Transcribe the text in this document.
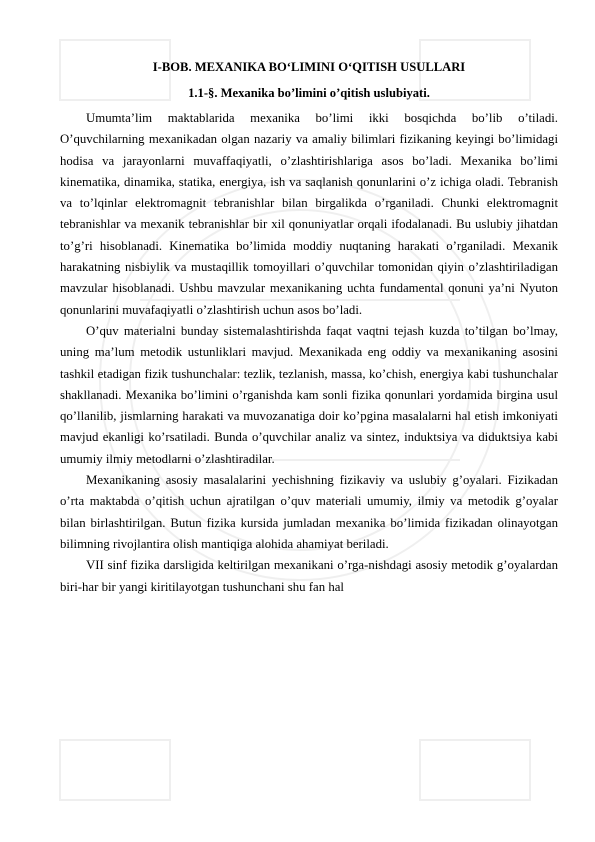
I-BOB. MEXANIKA BO‘LIMINI O‘QITISH USULLARI
1.1-§. Mexanika bo’limini o’qitish uslubiyati.

Umumta’lim maktablarida mexanika bo’limi ikki bosqichda bo’lib o’tiladi. O’quvchilarning mexanikadan olgan nazariy va amaliy bilimlari fizikaning keyingi bo’limidagi hodisa va jarayonlarni muvaffaqiyatli, o’zlashtirishlariga asos bo’ladi. Mexanika bo’limi kinematika, dinamika, statika, energiya, ish va saqlanish qonunlarini o’z ichiga oladi. Tebranish va to’lqinlar elektromagnit tebranishlar bilan birgalikda o’rganiladi. Chunki elektromagnit tebranishlar va mexanik tebranishlar bir xil qonuniyatlar orqali ifodalanadi. Bu uslubiy jihatdan to’g’ri hisoblanadi. Kinematika bo’limida moddiy nuqtaning harakati o’rganiladi. Mexanik harakatning nisbiylik va mustaqillik tomoyillari o’quvchilar tomonidan qiyin o’zlashtiriladigan mavzular hisoblanadi. Ushbu mavzular mexanikaning uchta fundamental qonuni ya’ni Nyuton qonunlarini muvafaqiyatli o’zlashtirish uchun asos bo’ladi.

O’quv materialni bunday sistemalashtirishda faqat vaqtni tejash kuzda to’tilgan bo’lmay, uning ma’lum metodik ustunliklari mavjud. Mexanikada eng oddiy va mexanikaning asosini tashkil etadigan fizik tushunchalar: tezlik, tezlanish, massa, ko’chish, energiya kabi tushunchalar shakllanadi. Mexanika bo’limini o’rganishda kam sonli fizika qonunlari yordamida birgina usul qo’llanilib, jismlarning harakati va muvozanatiga doir ko’pgina masalalarni hal etish imkoniyati mavjud ekanligi ko’rsatiladi. Bunda o’quvchilar analiz va sintez, induktsiya va diduktsiya kabi umumiy ilmiy metodlarni o’zlashtiradilar.

Mexanikaning asosiy masalalarini yechishning fizikaviy va uslubiy g’oyalari. Fizikadan o’rta maktabda o’qitish uchun ajratilgan o’quv materiali umumiy, ilmiy va metodik g’oyalar bilan birlashtirilgan. Butun fizika kursida jumladan mexanika bo’limida fizikadan olinayotgan bilimning rivojlantira olish mantiqiga alohida ahamiyat beriladi.

VII sinf fizika darsligida keltirilgan mexanikani o’rga-nishdagi asosiy metodik g’oyalardan biri-har bir yangi kiritilayotgan tushunchani shu fan hal
